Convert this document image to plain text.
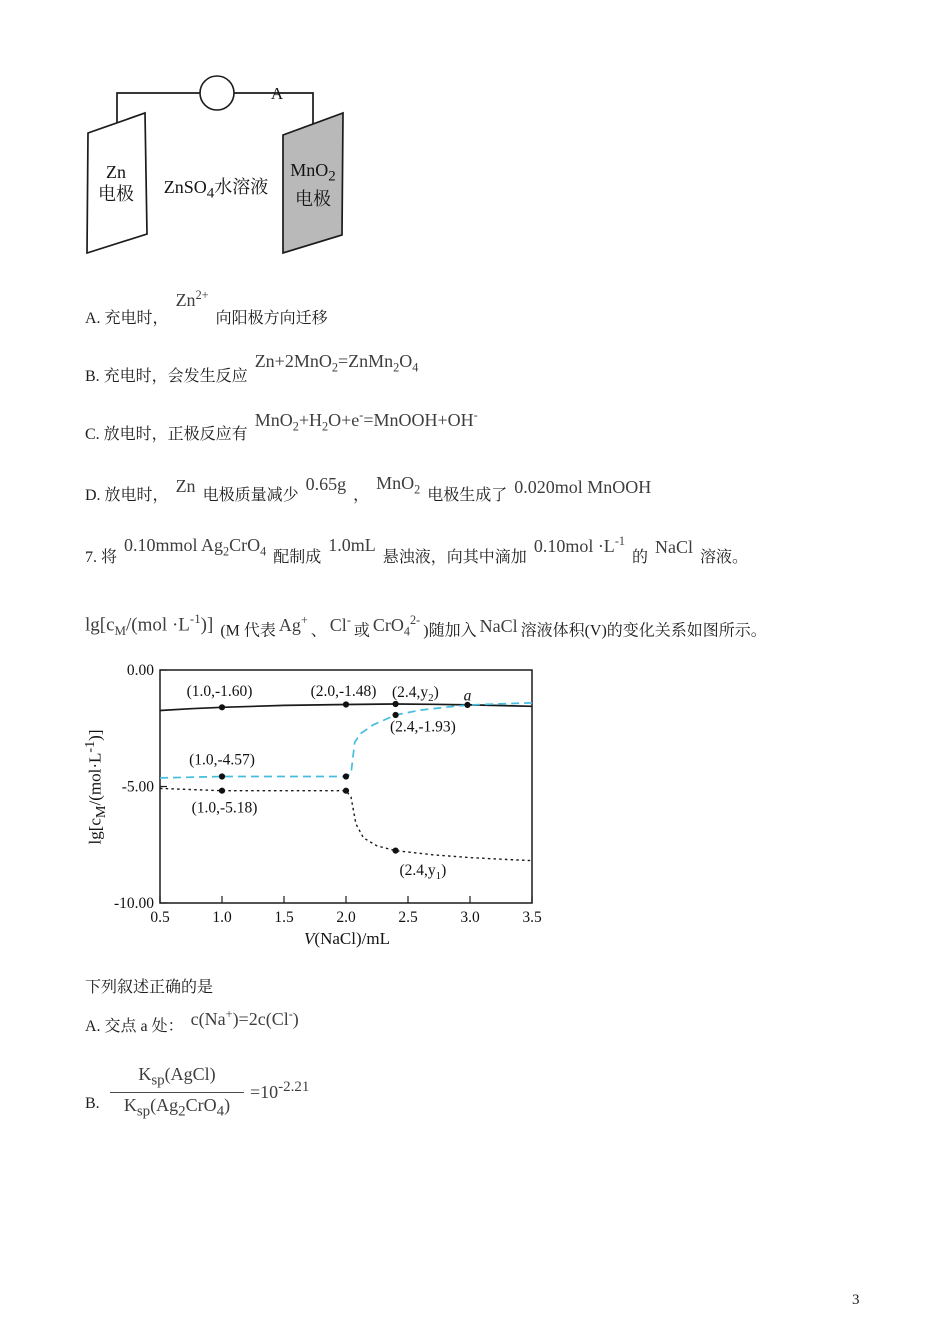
A
Zn
电极
MnO$_2$
电极
ZnSO$_4$水溶液
A. 充电时，$Zn^{2+}$向阳极方向迁移
B. 充电时，会发生反应$Zn+2MnO_2=ZnMn_2O_4$
C. 放电时，正极反应有$MnO_2+H_2O+e^-=MnOOH+OH^-$
D. 放电时， Zn 电极质量减少0.65g，MnO$_2$ 电极生成了 0.020mol MnOOH
7. 将0.10mmol $Ag_2CrO_4$ 配制成1.0mL悬浊液，向其中滴加$0.10mol \cdot L^{-1}$的NaCl溶液。
$\lg[c_M/(mol \cdot L^{-1})]$ (M 代表 Ag+、 Cl-或 CrO$_4^{2-}$)随加入 NaCl 溶液体积(V)的变化关系如图所示。
0.5	1.0	1.5	2.0	2.5	3.0	3.5
0.00
-5.00
-10.00
(1.0,-1.60)	(2.0,-1.48) $(2.4,y_2)$ a
(2.4,-1.93)
(1.0,-4.57)
(1.0,-5.18)
$(2.4,y_1)$
$\lg[c_M/(mol\cdot L^{-1})]$
V(NaCl)/mL
下列叙述正确的是
A. 交点 a 处： c(Na+)=2c(Cl-)
B.
$K_{sp}(AgCl)$
$K_{sp}(Ag_2CrO_4)$
$=10^{-2.21}$
3
